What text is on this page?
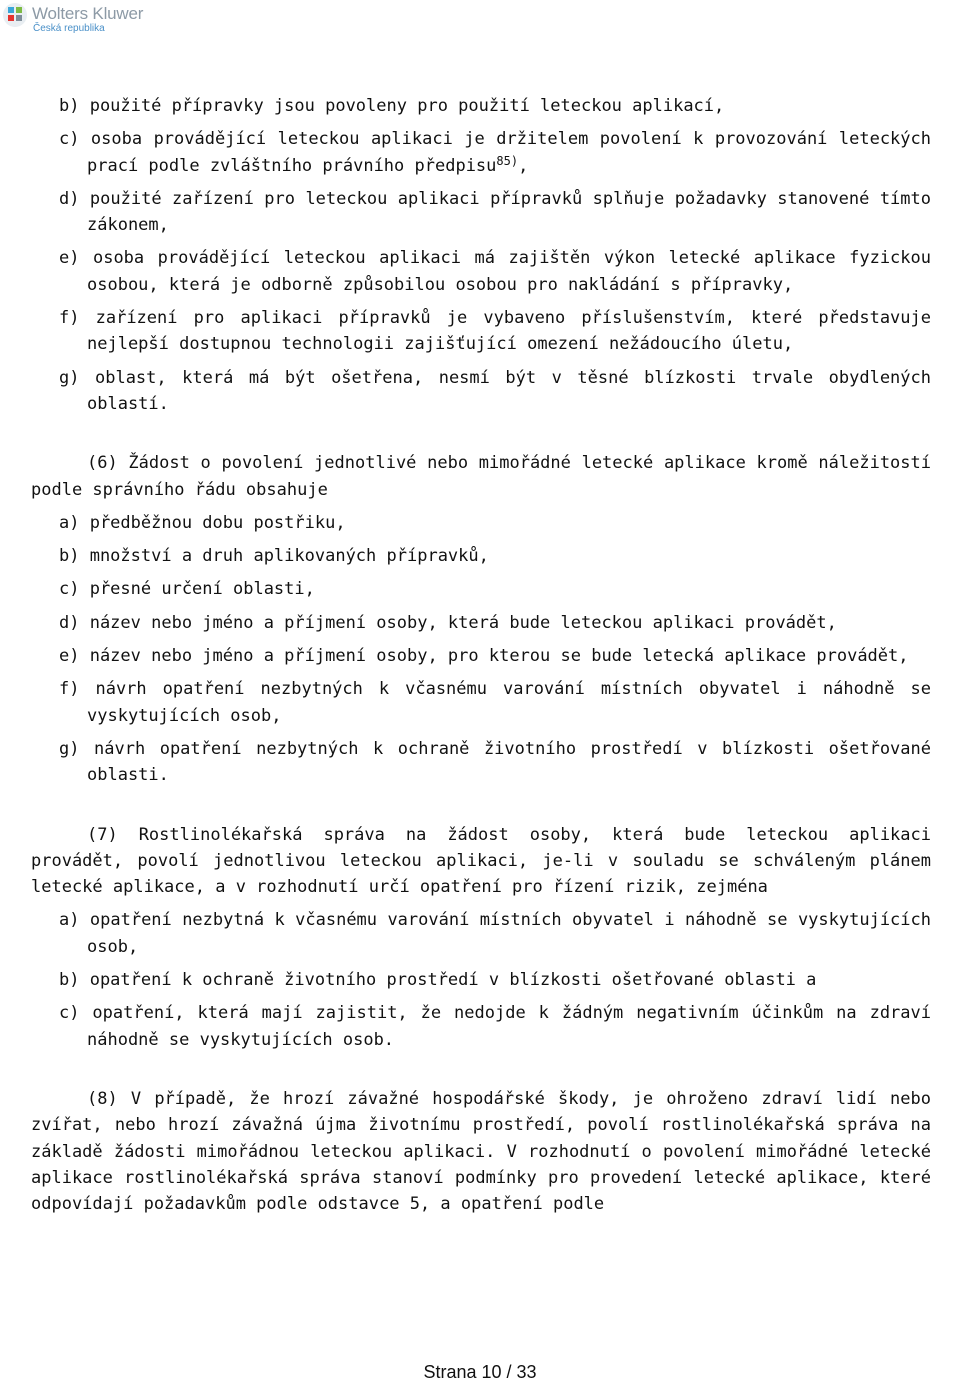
Wolters Kluwer
Česká republika
b) použité přípravky jsou povoleny pro použití leteckou aplikací,
c) osoba provádějící leteckou aplikaci je držitelem povolení k provozování leteckých prací podle zvláštního právního předpisu$^{85)}$,
d) použité zařízení pro leteckou aplikaci přípravků splňuje požadavky stanovené tímto zákonem,
e) osoba provádějící leteckou aplikaci má zajištěn výkon letecké aplikace fyzickou osobou, která je odborně způsobilou osobou pro nakládání s přípravky,
f) zařízení pro aplikaci přípravků je vybaveno příslušenstvím, které představuje nejlepší dostupnou technologii zajišťující omezení nežádoucího úletu,
g) oblast, která má být ošetřena, nesmí být v těsné blízkosti trvale obydlených oblastí.
(6) Žádost o povolení jednotlivé nebo mimořádné letecké aplikace kromě náležitostí podle správního řádu obsahuje
a) předběžnou dobu postřiku,
b) množství a druh aplikovaných přípravků,
c) přesné určení oblasti,
d) název nebo jméno a příjmení osoby, která bude leteckou aplikaci provádět,
e) název nebo jméno a příjmení osoby, pro kterou se bude letecká aplikace provádět,
f) návrh opatření nezbytných k včasnému varování místních obyvatel i náhodně se vyskytujících osob,
g) návrh opatření nezbytných k ochraně životního prostředí v blízkosti ošetřované oblasti.
(7) Rostlinolékařská správa na žádost osoby, která bude leteckou aplikaci provádět, povolí jednotlivou leteckou aplikaci, je-li v souladu se schváleným plánem letecké aplikace, a v rozhodnutí určí opatření pro řízení rizik, zejména
a) opatření nezbytná k včasnému varování místních obyvatel i náhodně se vyskytujících osob,
b) opatření k ochraně životního prostředí v blízkosti ošetřované oblasti a
c) opatření, která mají zajistit, že nedojde k žádným negativním účinkům na zdraví náhodně se vyskytujících osob.
(8) V případě, že hrozí závažné hospodářské škody, je ohroženo zdraví lidí nebo zvířat, nebo hrozí závažná újma životnímu prostředí, povolí rostlinolékařská správa na základě žádosti mimořádnou leteckou aplikaci. V rozhodnutí o povolení mimořádné letecké aplikace rostlinolékařská správa stanoví podmínky pro provedení letecké aplikace, které odpovídají požadavkům podle odstavce 5, a opatření podle
Strana 10 / 33
